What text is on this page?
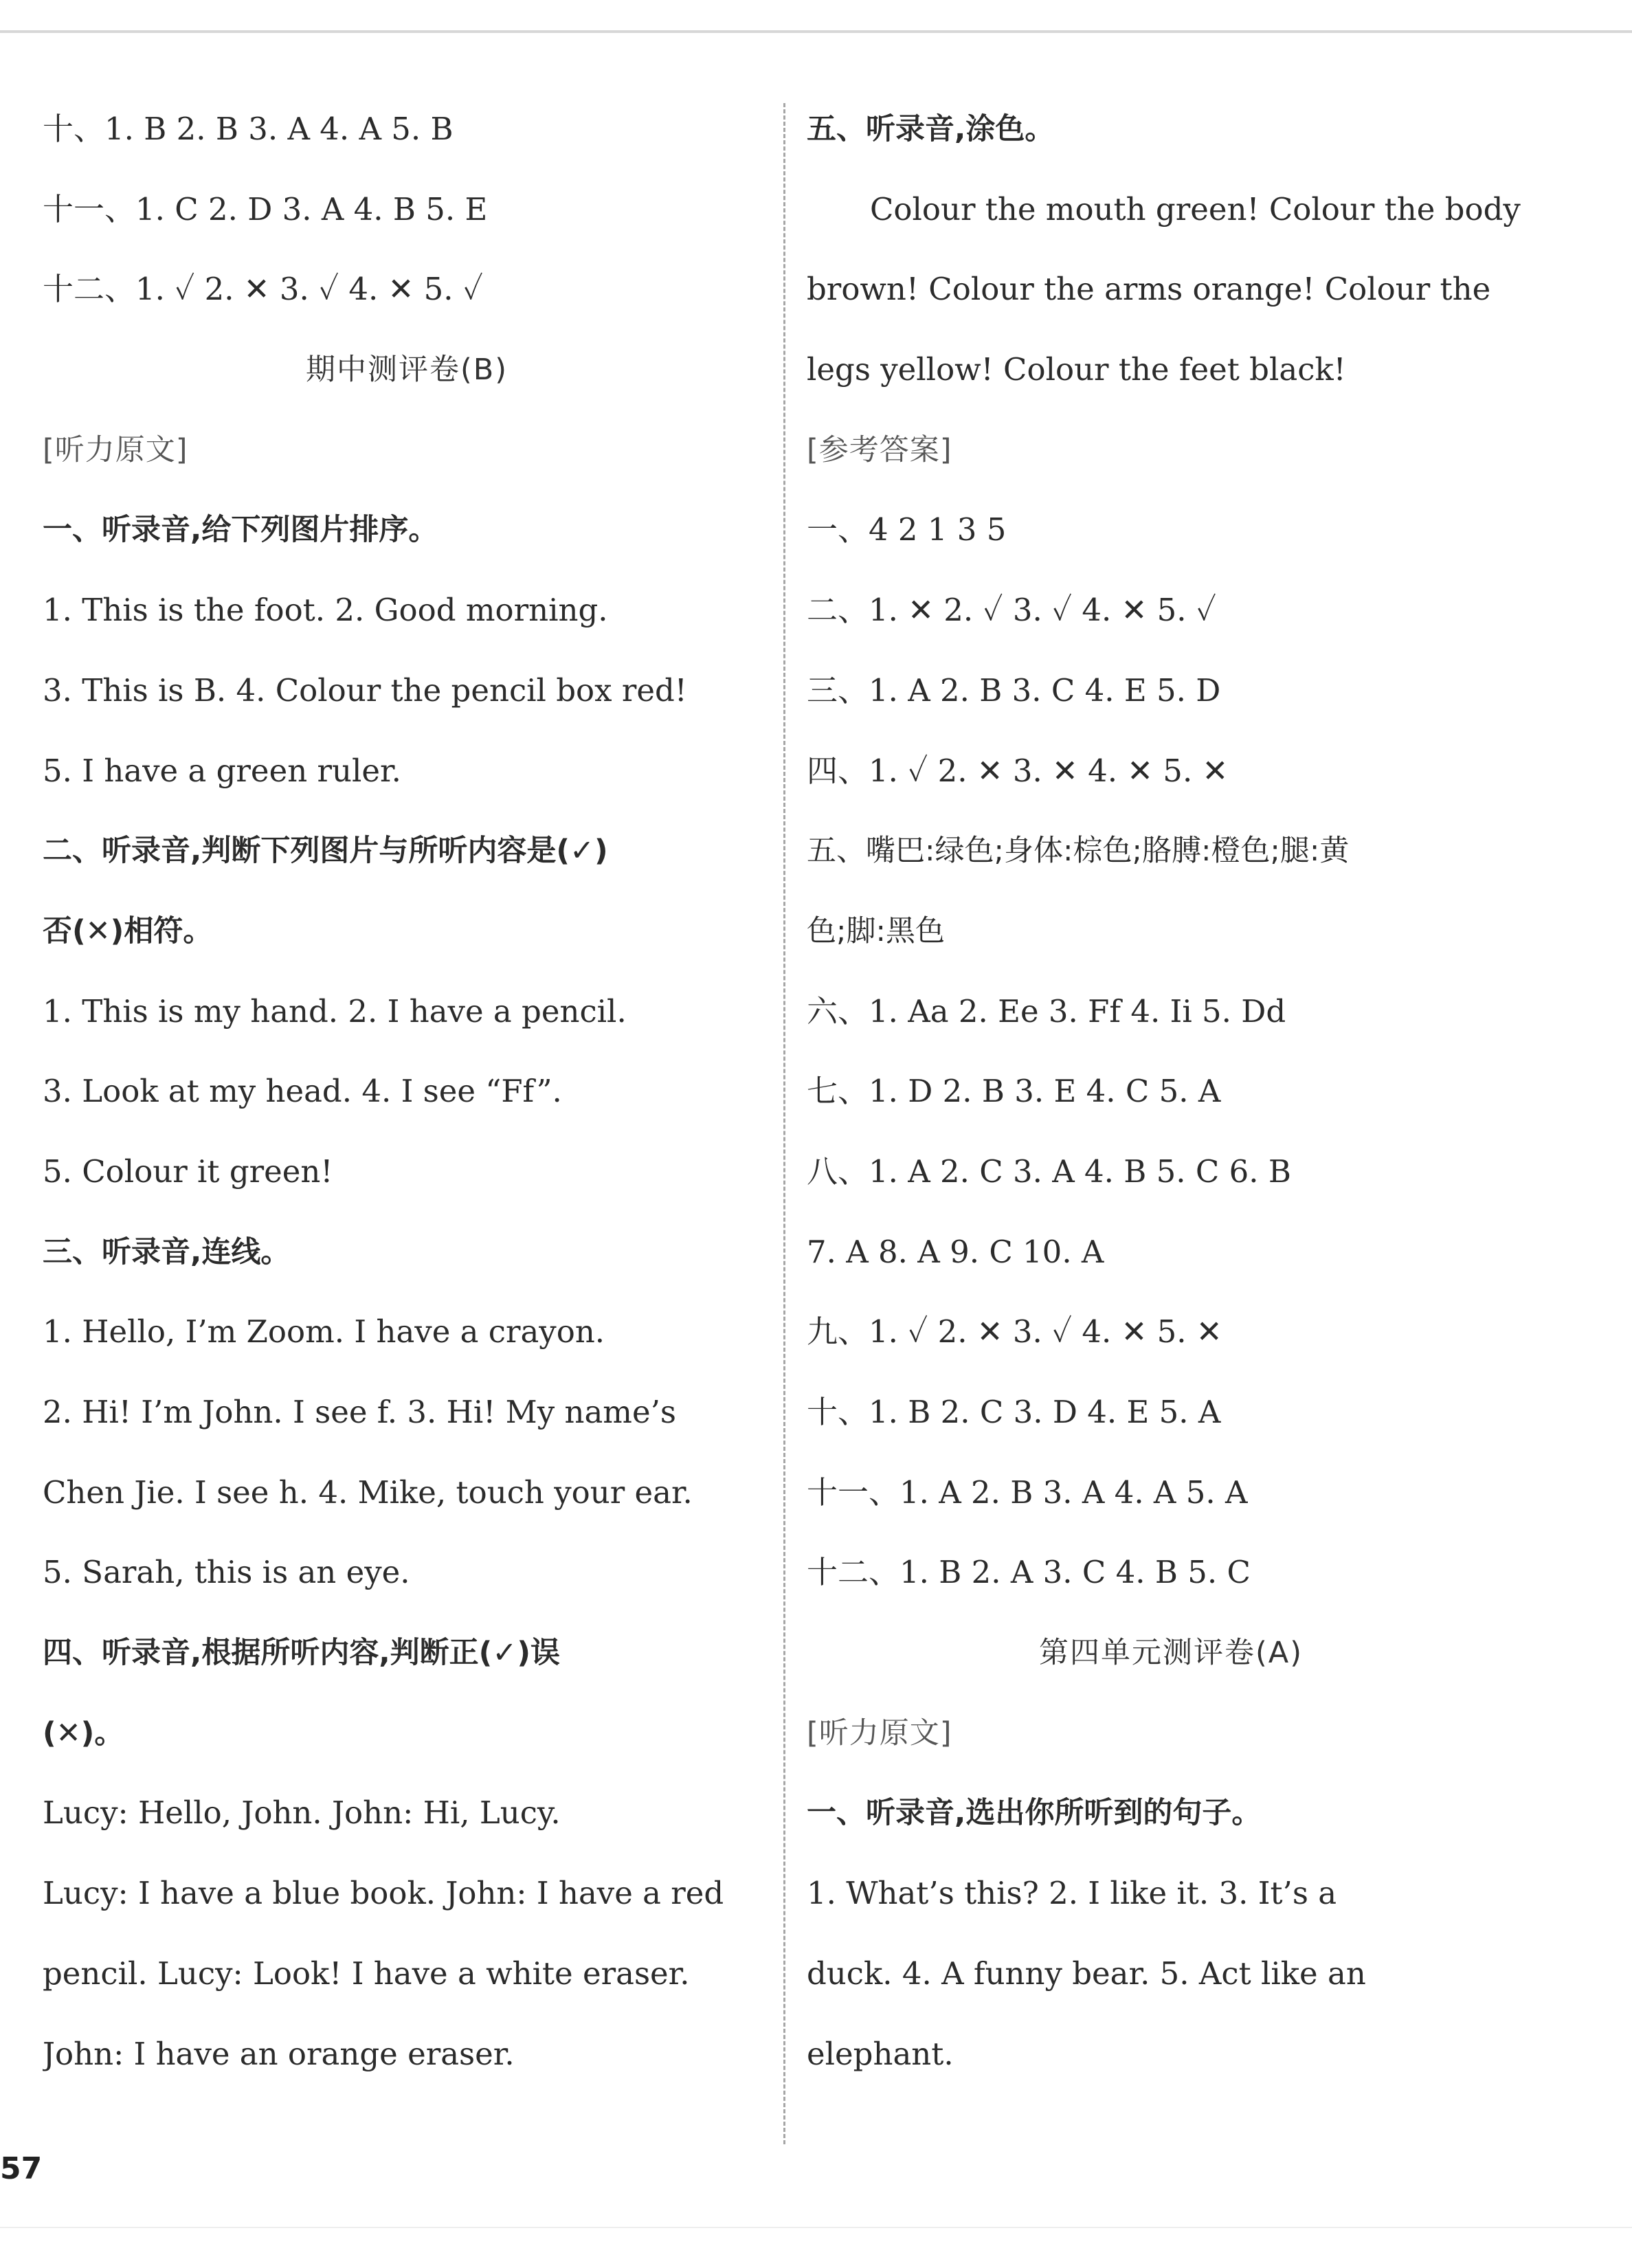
十、1. B 2. B 3. A 4. A 5. B
十一、1. C 2. D 3. A 4. B 5. E
十二、1. ✓ 2. ✕ 3. ✓ 4. ✕ 5. ✓
期中测评卷(B)
[听力原文]
一、听录音,给下列图片排序。
1. This is the foot. 2. Good morning.
3. This is B. 4. Colour the pencil box red!
5. I have a green ruler.
二、听录音,判断下列图片与所听内容是(✓)
否(✕)相符。
1. This is my hand. 2. I have a pencil.
3. Look at my head. 4. I see “Ff”.
5. Colour it green!
三、听录音,连线。
1. Hello, I’m Zoom. I have a crayon.
2. Hi! I’m John. I see f. 3. Hi! My name’s
Chen Jie. I see h. 4. Mike, touch your ear.
5. Sarah, this is an eye.
四、听录音,根据所听内容,判断正(✓)误
(✕)。
Lucy: Hello, John. John: Hi, Lucy.
Lucy: I have a blue book. John: I have a red
pencil. Lucy: Look! I have a white eraser.
John: I have an orange eraser.
五、听录音,涂色。
Colour the mouth green! Colour the body
brown! Colour the arms orange! Colour the
legs yellow! Colour the feet black!
[参考答案]
一、4 2 1 3 5
二、1. ✕ 2. ✓ 3. ✓ 4. ✕ 5. ✓
三、1. A 2. B 3. C 4. E 5. D
四、1. ✓ 2. ✕ 3. ✕ 4. ✕ 5. ✕
五、嘴巴:绿色;身体:棕色;胳膊:橙色;腿:黄
色;脚:黑色
六、1. Aa 2. Ee 3. Ff 4. Ii 5. Dd
七、1. D 2. B 3. E 4. C 5. A
八、1. A 2. C 3. A 4. B 5. C 6. B
7. A 8. A 9. C 10. A
九、1. ✓ 2. ✕ 3. ✓ 4. ✕ 5. ✕
十、1. B 2. C 3. D 4. E 5. A
十一、1. A 2. B 3. A 4. A 5. A
十二、1. B 2. A 3. C 4. B 5. C
第四单元测评卷(A)
[听力原文]
一、听录音,选出你所听到的句子。
1. What’s this? 2. I like it. 3. It’s a
duck. 4. A funny bear. 5. Act like an
elephant.
57
